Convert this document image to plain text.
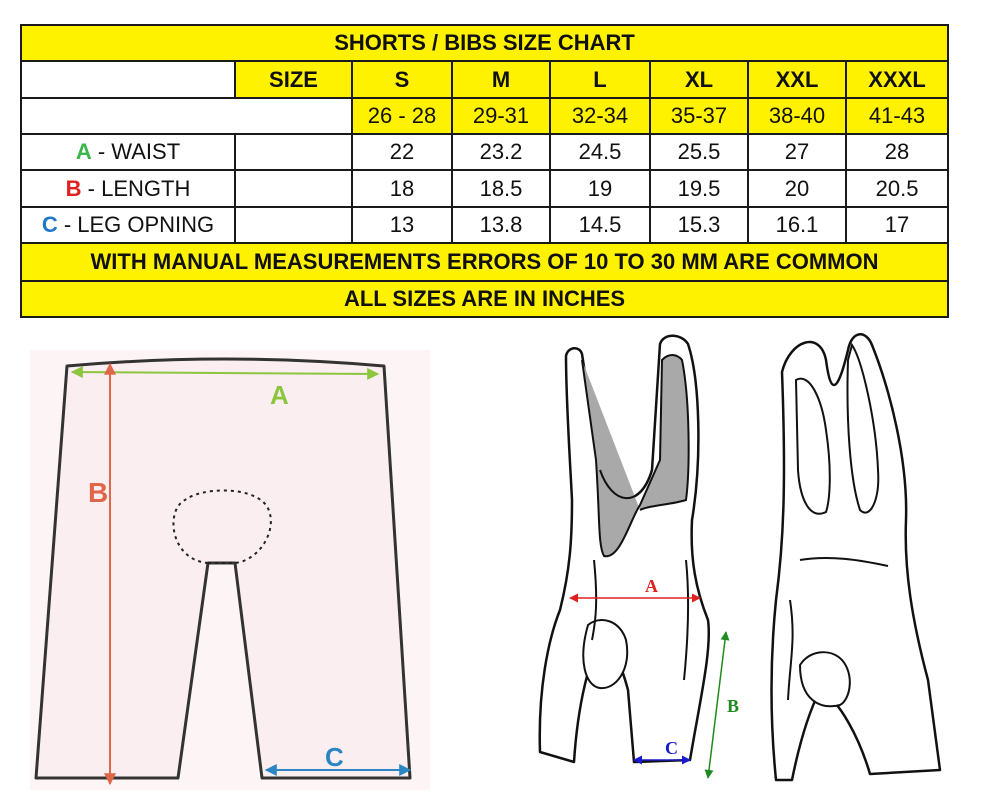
SHORTS / BIBS SIZE CHART							
	SIZE	S	M	L	XL	XXL	XXXL
		26 - 28	29-31	32-34	35-37	38-40	41-43
A - WAIST		22	23.2	24.5	25.5	27	28
B - LENGTH		18	18.5	19	19.5	20	20.5
C - LEG OPNING		13	13.8	14.5	15.3	16.1	17
WITH MANUAL MEASUREMENTS ERRORS OF 10 TO 30 MM ARE COMMON							
ALL SIZES ARE IN INCHES							
A
B
C
A
B
C
